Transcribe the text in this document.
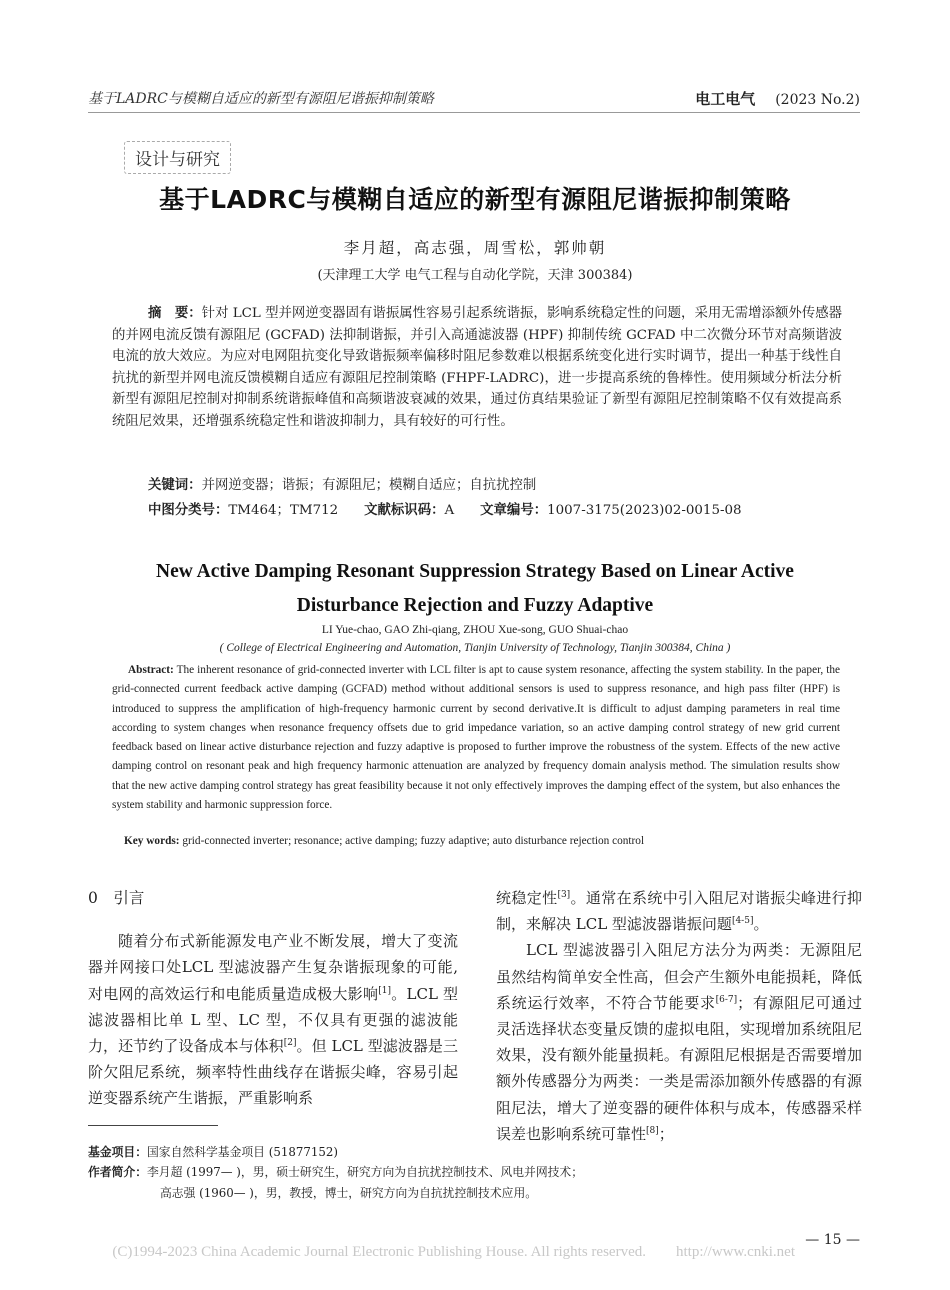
基于LADRC与模糊自适应的新型有源阻尼谐振抑制策略	电工电气 (2023 No.2)
设计与研究
基于LADRC与模糊自适应的新型有源阻尼谐振抑制策略
李月超，高志强，周雪松，郭帅朝
(天津理工大学 电气工程与自动化学院，天津 300384)
摘　要：针对 LCL 型并网逆变器固有谐振属性容易引起系统谐振，影响系统稳定性的问题，采用无需增添额外传感器的并网电流反馈有源阻尼 (GCFAD) 法抑制谐振，并引入高通滤波器 (HPF) 抑制传统 GCFAD 中二次微分环节对高频谐波电流的放大效应。为应对电网阻抗变化导致谐振频率偏移时阻尼参数难以根据系统变化进行实时调节，提出一种基于线性自抗扰的新型并网电流反馈模糊自适应有源阻尼控制策略 (FHPF-LADRC)，进一步提高系统的鲁棒性。使用频域分析法分析新型有源阻尼控制对抑制系统谐振峰值和高频谐波衰减的效果，通过仿真结果验证了新型有源阻尼控制策略不仅有效提高系统阻尼效果，还增强系统稳定性和谐波抑制力，具有较好的可行性。
关键词：并网逆变器；谐振；有源阻尼；模糊自适应；自抗扰控制
中图分类号：TM464；TM712 文献标识码：A 文章编号：1007-3175(2023)02-0015-08
New Active Damping Resonant Suppression Strategy Based on Linear Active
Disturbance Rejection and Fuzzy Adaptive
LI Yue-chao, GAO Zhi-qiang, ZHOU Xue-song, GUO Shuai-chao
( College of Electrical Engineering and Automation, Tianjin University of Technology, Tianjin 300384, China )
Abstract: The inherent resonance of grid-connected inverter with LCL filter is apt to cause system resonance, affecting the system stability. In the paper, the grid-connected current feedback active damping (GCFAD) method without additional sensors is used to suppress resonance, and high pass filter (HPF) is introduced to suppress the amplification of high-frequency harmonic current by second derivative.It is difficult to adjust damping parameters in real time according to system changes when resonance frequency offsets due to grid impedance variation, so an active damping control strategy of new grid current feedback based on linear active disturbance rejection and fuzzy adaptive is proposed to further improve the robustness of the system. Effects of the new active damping control on resonant peak and high frequency harmonic attenuation are analyzed by frequency domain analysis method. The simulation results show that the new active damping control strategy has great feasibility because it not only effectively improves the damping effect of the system, but also enhances the system stability and harmonic suppression force.
Key words: grid-connected inverter; resonance; active damping; fuzzy adaptive; auto disturbance rejection control
0　引言

随着分布式新能源发电产业不断发展，增大了变流器并网接口处LCL 型滤波器产生复杂谐振现象的可能,对电网的高效运行和电能质量造成极大影响[1]。LCL 型滤波器相比单 L 型、LC 型，不仅具有更强的滤波能力，还节约了设备成本与体积[2]。但 LCL 型滤波器是三阶欠阻尼系统，频率特性曲线存在谐振尖峰，容易引起逆变器系统产生谐振，严重影响系

统稳定性[3]。通常在系统中引入阻尼对谐振尖峰进行抑制，来解决 LCL 型滤波器谐振问题[4-5]。

LCL 型滤波器引入阻尼方法分为两类：无源阻尼虽然结构简单安全性高，但会产生额外电能损耗，降低系统运行效率，不符合节能要求[6-7]；有源阻尼可通过灵活选择状态变量反馈的虚拟电阻，实现增加系统阻尼效果，没有额外能量损耗。有源阻尼根据是否需要增加额外传感器分为两类：一类是需添加额外传感器的有源阻尼法，增大了逆变器的硬件体积与成本，传感器采样误差也影响系统可靠性[8]；

基金项目：国家自然科学基金项目 (51877152)
作者简介：李月超 (1997— )，男，硕士研究生，研究方向为自抗扰控制技术、风电并网技术；
高志强 (1960— )，男，教授，博士，研究方向为自抗扰控制技术应用。
— 15 —
(C)1994-2023 China Academic Journal Electronic Publishing House. All rights reserved.　　http://www.cnki.net
